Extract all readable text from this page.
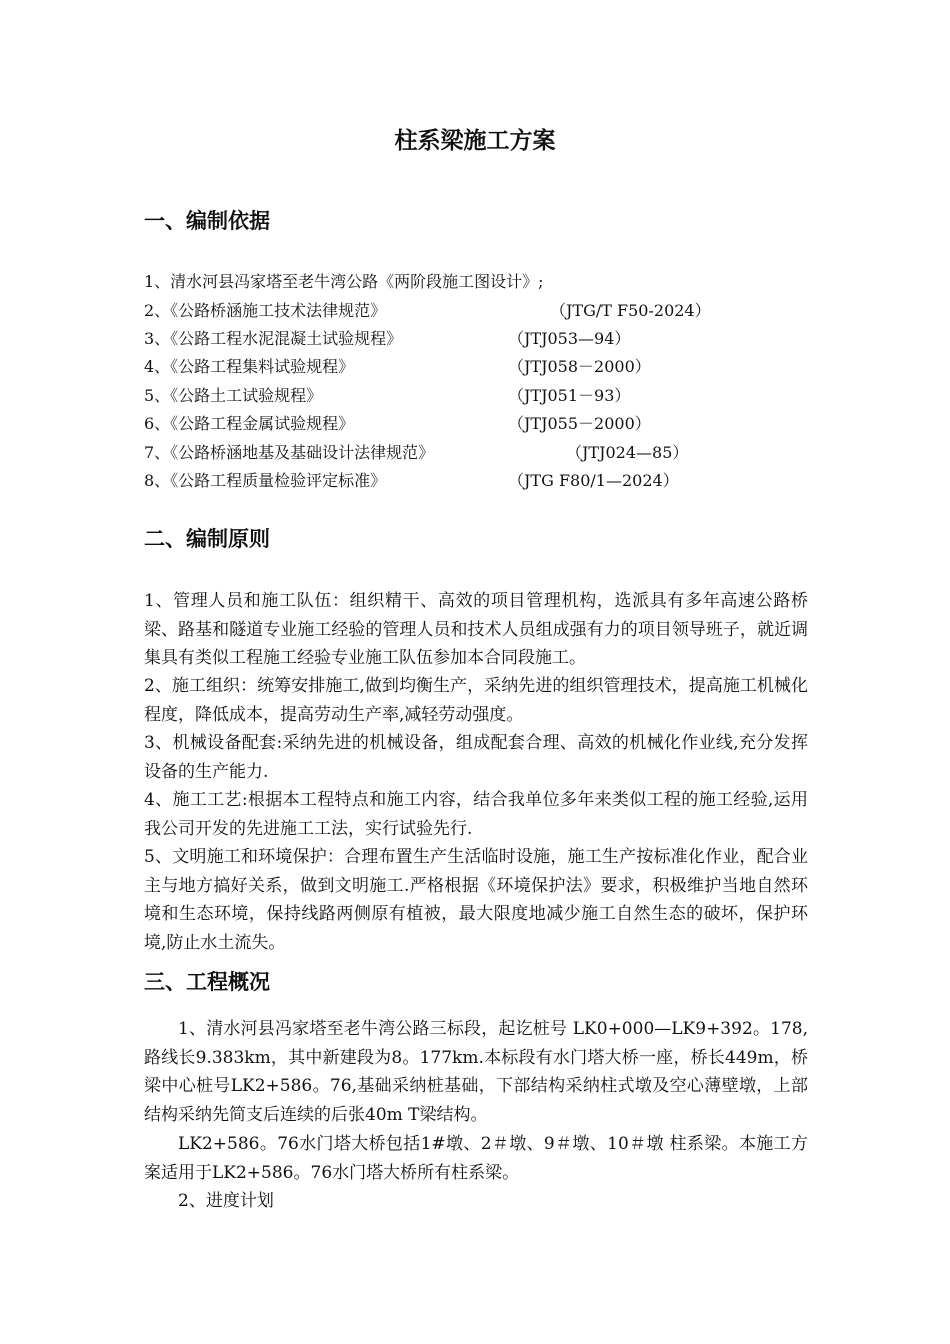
柱系梁施工方案
一、编制依据
1、清水河县冯家塔至老牛湾公路《两阶段施工图设计》;
2、《公路桥涵施工技术法律规范》	（JTG/T F50-2024）
3、《公路工程水泥混凝土试验规程》	（JTJ053—94）
4、《公路工程集料试验规程》	（JTJ058－2000）
5、《公路土工试验规程》	（JTJ051－93）
6、《公路工程金属试验规程》	（JTJ055－2000）
7、《公路桥涵地基及基础设计法律规范》	（JTJ024—85）
8、《公路工程质量检验评定标准》	（JTG F80/1—2024）
二、编制原则
1、管理人员和施工队伍：组织精干、高效的项目管理机构，选派具有多年高速公路桥梁、路基和隧道专业施工经验的管理人员和技术人员组成强有力的项目领导班子，就近调集具有类似工程施工经验专业施工队伍参加本合同段施工。
2、施工组织：统筹安排施工,做到均衡生产，采纳先进的组织管理技术，提高施工机械化程度，降低成本，提高劳动生产率,减轻劳动强度。
3、机械设备配套:采纳先进的机械设备，组成配套合理、高效的机械化作业线,充分发挥设备的生产能力.
4、施工工艺:根据本工程特点和施工内容，结合我单位多年来类似工程的施工经验,运用我公司开发的先进施工工法，实行试验先行.
5、文明施工和环境保护：合理布置生产生活临时设施，施工生产按标准化作业，配合业主与地方搞好关系，做到文明施工.严格根据《环境保护法》要求，积极维护当地自然环境和生态环境，保持线路两侧原有植被，最大限度地减少施工自然生态的破坏，保护环境,防止水土流失。
三、工程概况
1、清水河县冯家塔至老牛湾公路三标段，起讫桩号 LK0+000—LK9+392。178,路线长9.383km，其中新建段为8。177km.本标段有水门塔大桥一座，桥长449m，桥梁中心桩号LK2+586。76,基础采纳桩基础，下部结构采纳柱式墩及空心薄壁墩，上部结构采纳先简支后连续的后张40m T梁结构。
LK2+586。76水门塔大桥包括1#墩、2＃墩、9＃墩、10＃墩 柱系梁。本施工方案适用于LK2+586。76水门塔大桥所有柱系梁。
2、进度计划
